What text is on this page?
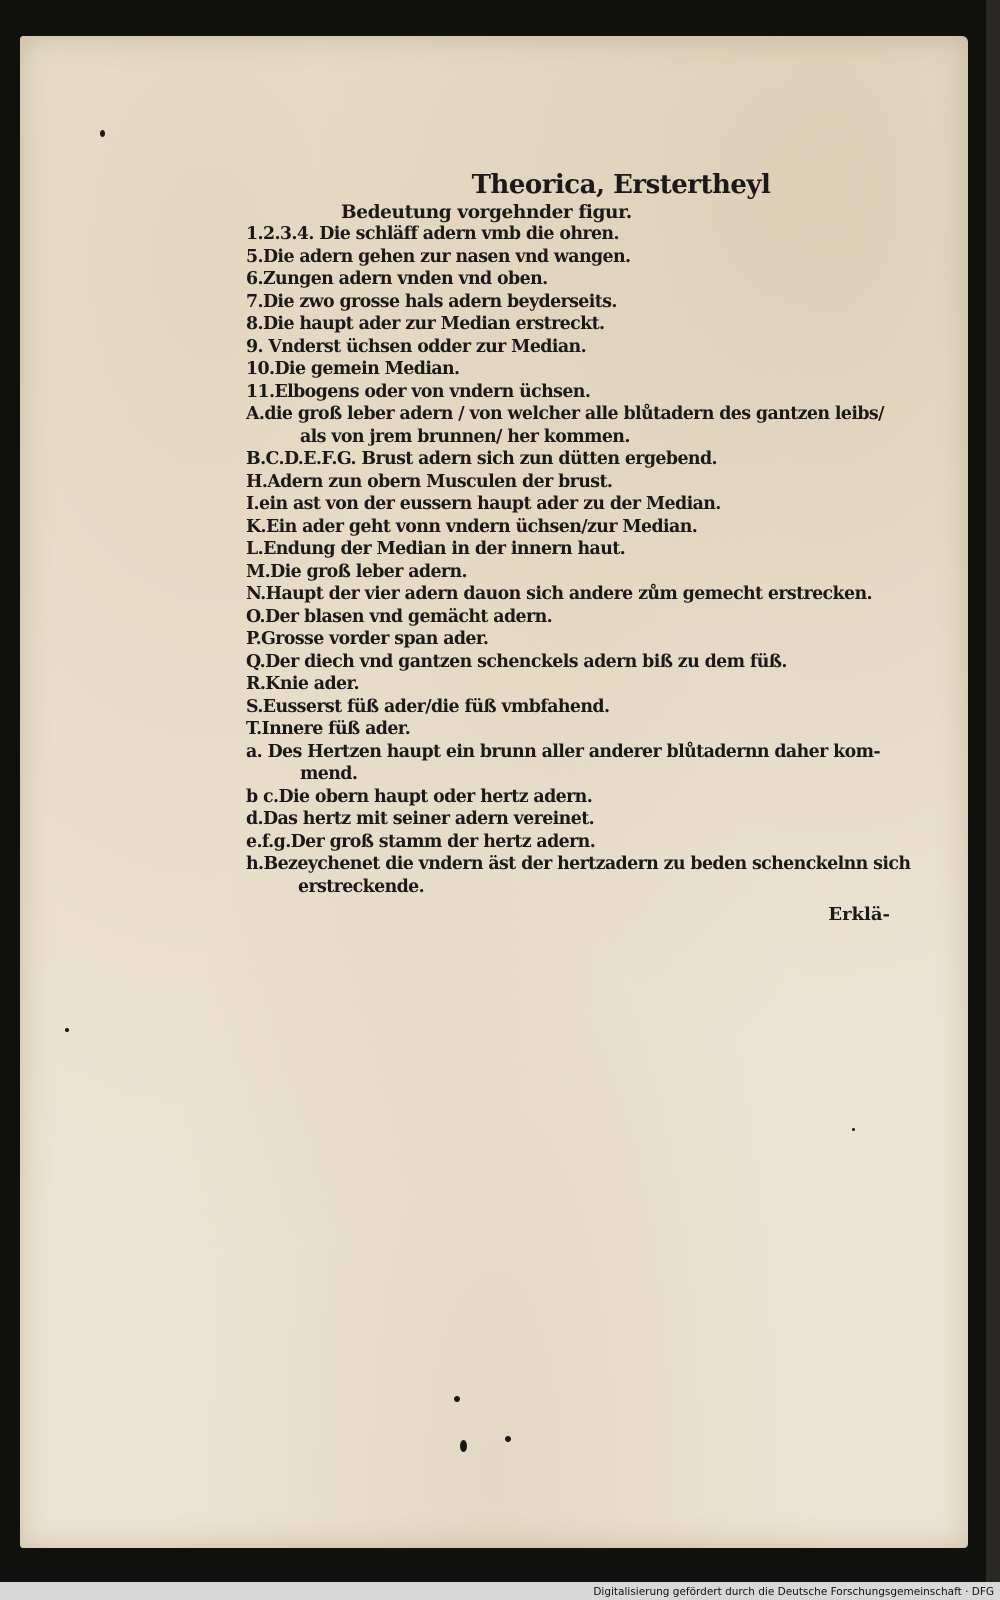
Theorica, Erstertheyl
Bedeutung vorgehnder figur.
1.2.3.4. Die schläff adern vmb die ohren.
5.Die adern gehen zur nasen vnd wangen.
6.Zungen adern vnden vnd oben.
7.Die zwo grosse hals adern beyderseits.
8.Die haupt ader zur Median erstreckt.
9. Vnderst üchsen odder zur Median.
10.Die gemein Median.
11.Elbogens oder von vndern üchsen.
A.die groß leber adern / von welcher alle blůtadern des gantzen leibs/
als von jrem brunnen/ her kommen.
B.C.D.E.F.G. Brust adern sich zun dütten ergebend.
H.Adern zun obern Musculen der brust.
I.ein ast von der eussern haupt ader zu der Median.
K.Ein ader geht vonn vndern üchsen/zur Median.
L.Endung der Median in der innern haut.
M.Die groß leber adern.
N.Haupt der vier adern dauon sich andere zům gemecht erstrecken.
O.Der blasen vnd gemächt adern.
P.Grosse vorder span ader.
Q.Der diech vnd gantzen schenckels adern biß zu dem füß.
R.Knie ader.
S.Eusserst füß ader/die füß vmbfahend.
T.Innere füß ader.
a. Des Hertzen haupt ein brunn aller anderer blůtadernn daher kom-
mend.
b c.Die obern haupt oder hertz adern.
d.Das hertz mit seiner adern vereinet.
e.f.g.Der groß stamm der hertz adern.
h.Bezeychenet die vndern äst der hertzadern zu beden schenckelnn sich
erstreckende.
Erklä-
Digitalisierung gefördert durch die Deutsche Forschungsgemeinschaft · DFG
